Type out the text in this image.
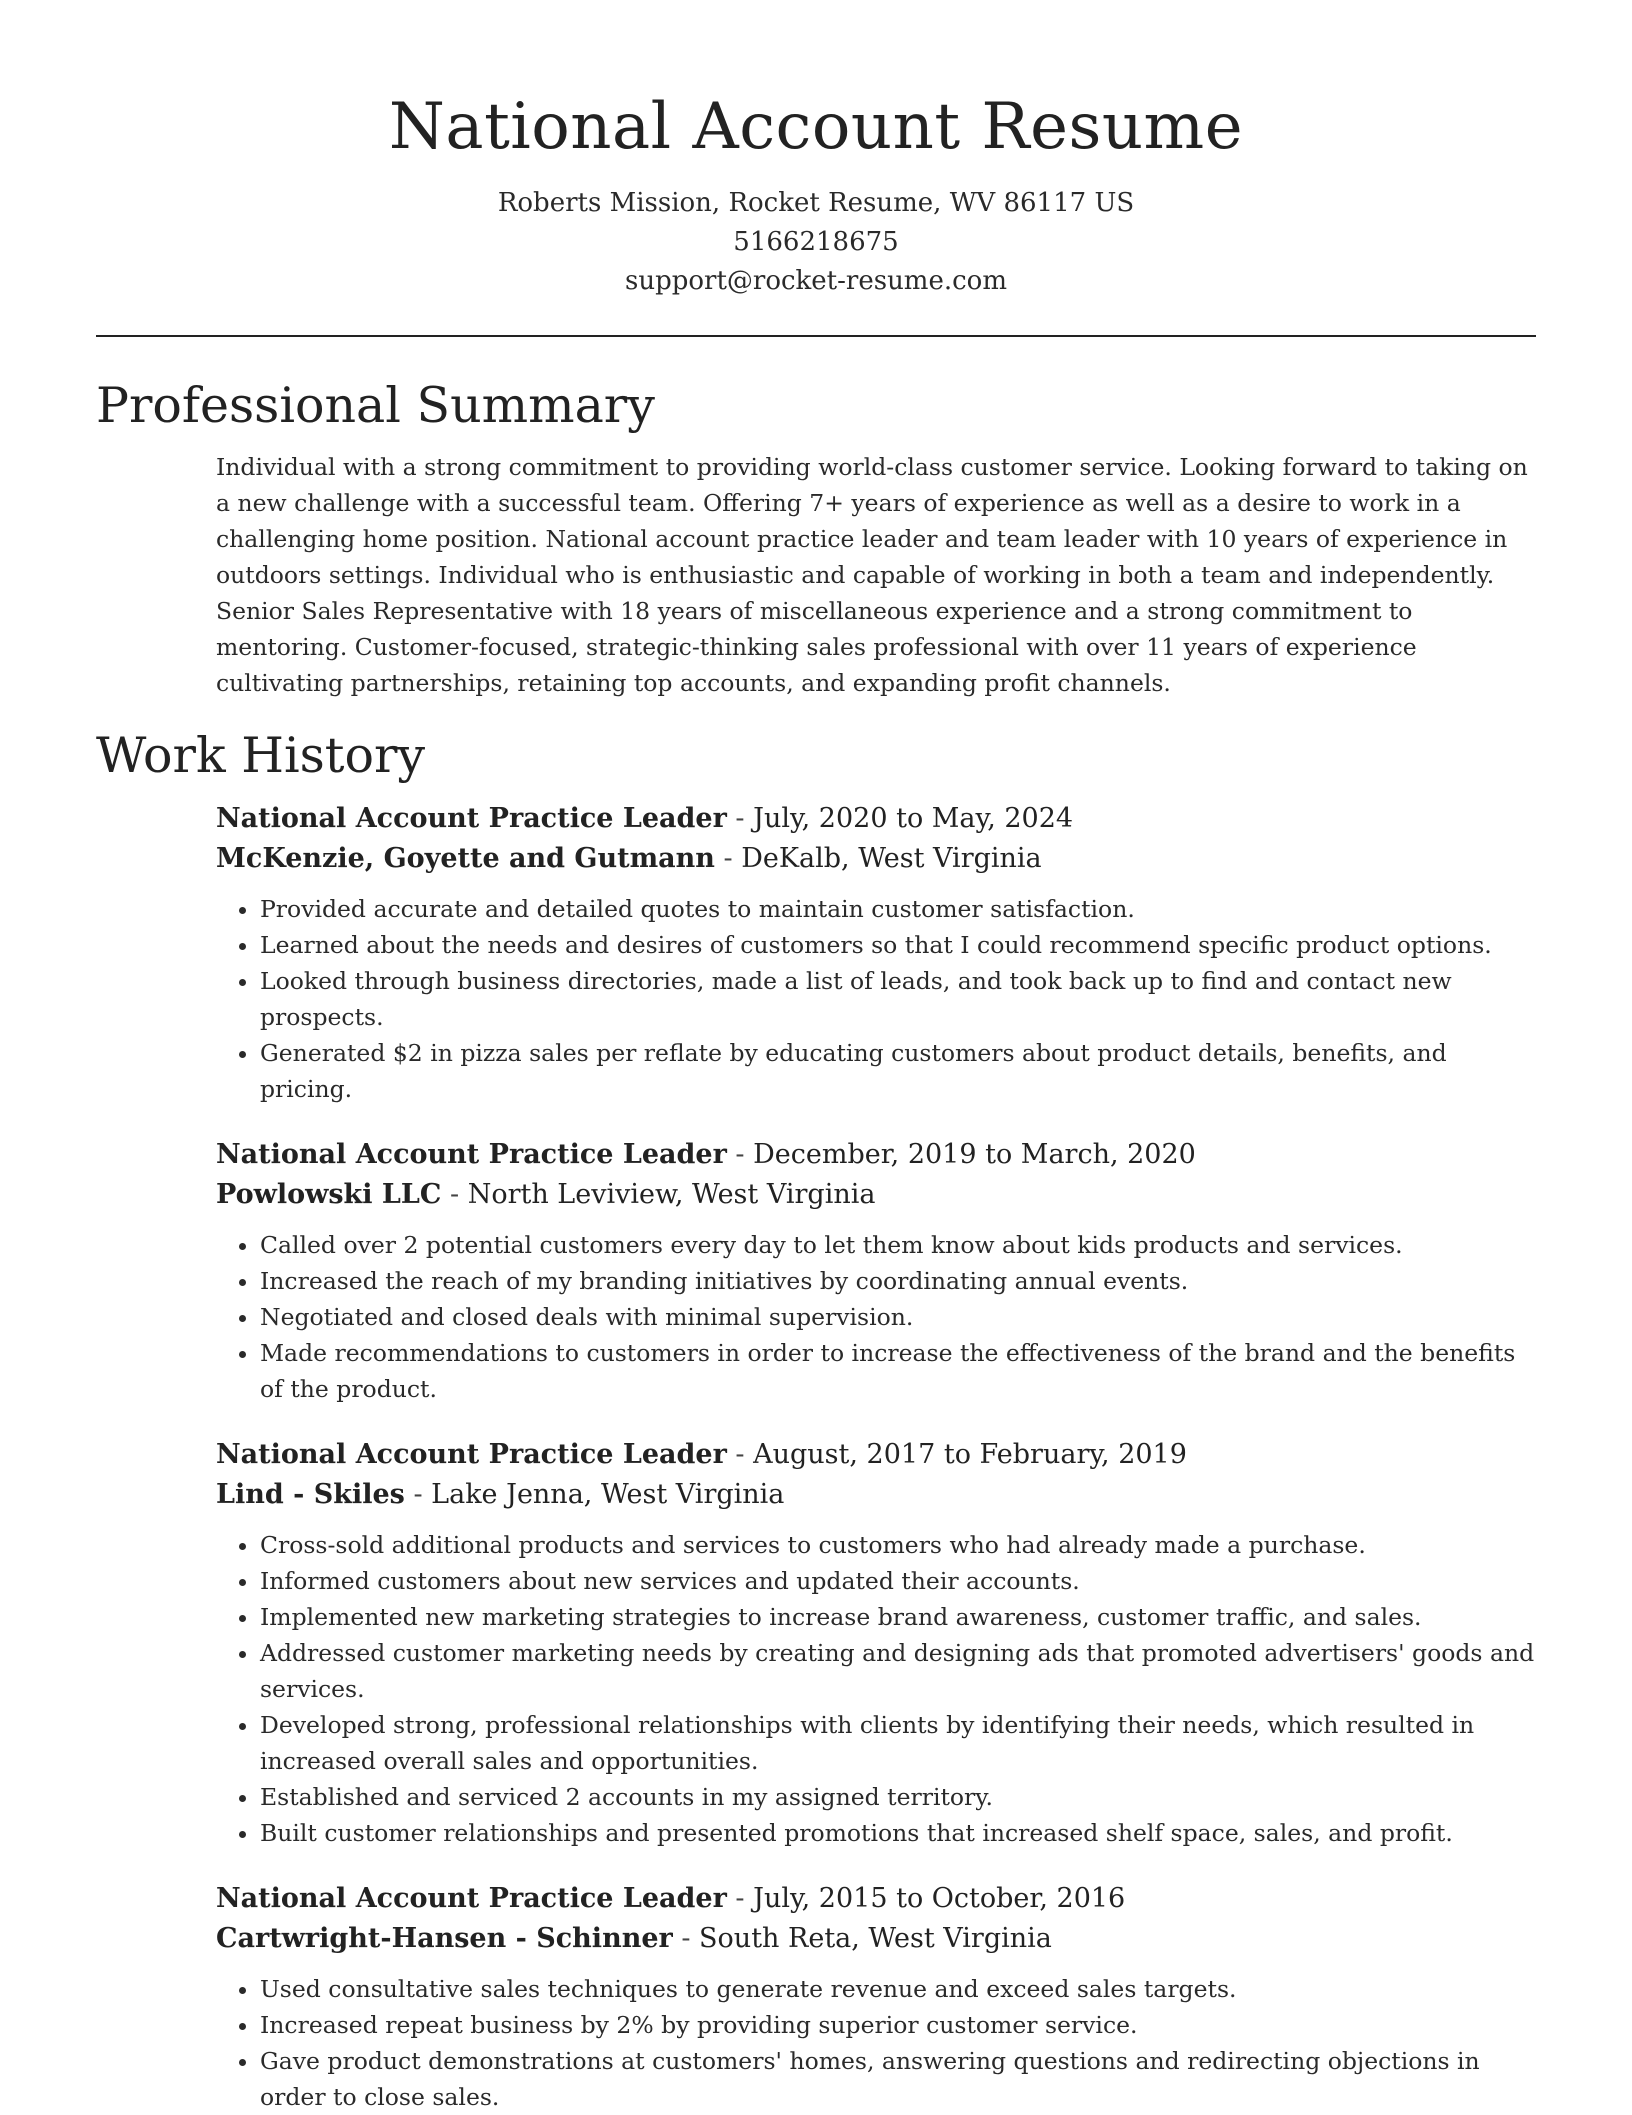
National Account Resume
Roberts Mission, Rocket Resume, WV 86117 US
5166218675
support@rocket-resume.com
Professional Summary
Individual with a strong commitment to providing world-class customer service. Looking forward to taking on a new challenge with a successful team. Offering 7+ years of experience as well as a desire to work in a challenging home position. National account practice leader and team leader with 10 years of experience in outdoors settings. Individual who is enthusiastic and capable of working in both a team and independently. Senior Sales Representative with 18 years of miscellaneous experience and a strong commitment to mentoring. Customer-focused, strategic-thinking sales professional with over 11 years of experience cultivating partnerships, retaining top accounts, and expanding profit channels.
Work History
National Account Practice Leader - July, 2020 to May, 2024
McKenzie, Goyette and Gutmann - DeKalb, West Virginia
• Provided accurate and detailed quotes to maintain customer satisfaction.
• Learned about the needs and desires of customers so that I could recommend specific product options.
• Looked through business directories, made a list of leads, and took back up to find and contact new prospects.
• Generated $2 in pizza sales per reflate by educating customers about product details, benefits, and pricing.
National Account Practice Leader - December, 2019 to March, 2020
Powlowski LLC - North Leviview, West Virginia
• Called over 2 potential customers every day to let them know about kids products and services.
• Increased the reach of my branding initiatives by coordinating annual events.
• Negotiated and closed deals with minimal supervision.
• Made recommendations to customers in order to increase the effectiveness of the brand and the benefits of the product.
National Account Practice Leader - August, 2017 to February, 2019
Lind - Skiles - Lake Jenna, West Virginia
• Cross-sold additional products and services to customers who had already made a purchase.
• Informed customers about new services and updated their accounts.
• Implemented new marketing strategies to increase brand awareness, customer traffic, and sales.
• Addressed customer marketing needs by creating and designing ads that promoted advertisers' goods and services.
• Developed strong, professional relationships with clients by identifying their needs, which resulted in increased overall sales and opportunities.
• Established and serviced 2 accounts in my assigned territory.
• Built customer relationships and presented promotions that increased shelf space, sales, and profit.
National Account Practice Leader - July, 2015 to October, 2016
Cartwright-Hansen - Schinner - South Reta, West Virginia
• Used consultative sales techniques to generate revenue and exceed sales targets.
• Increased repeat business by 2% by providing superior customer service.
• Gave product demonstrations at customers' homes, answering questions and redirecting objections in order to close sales.
